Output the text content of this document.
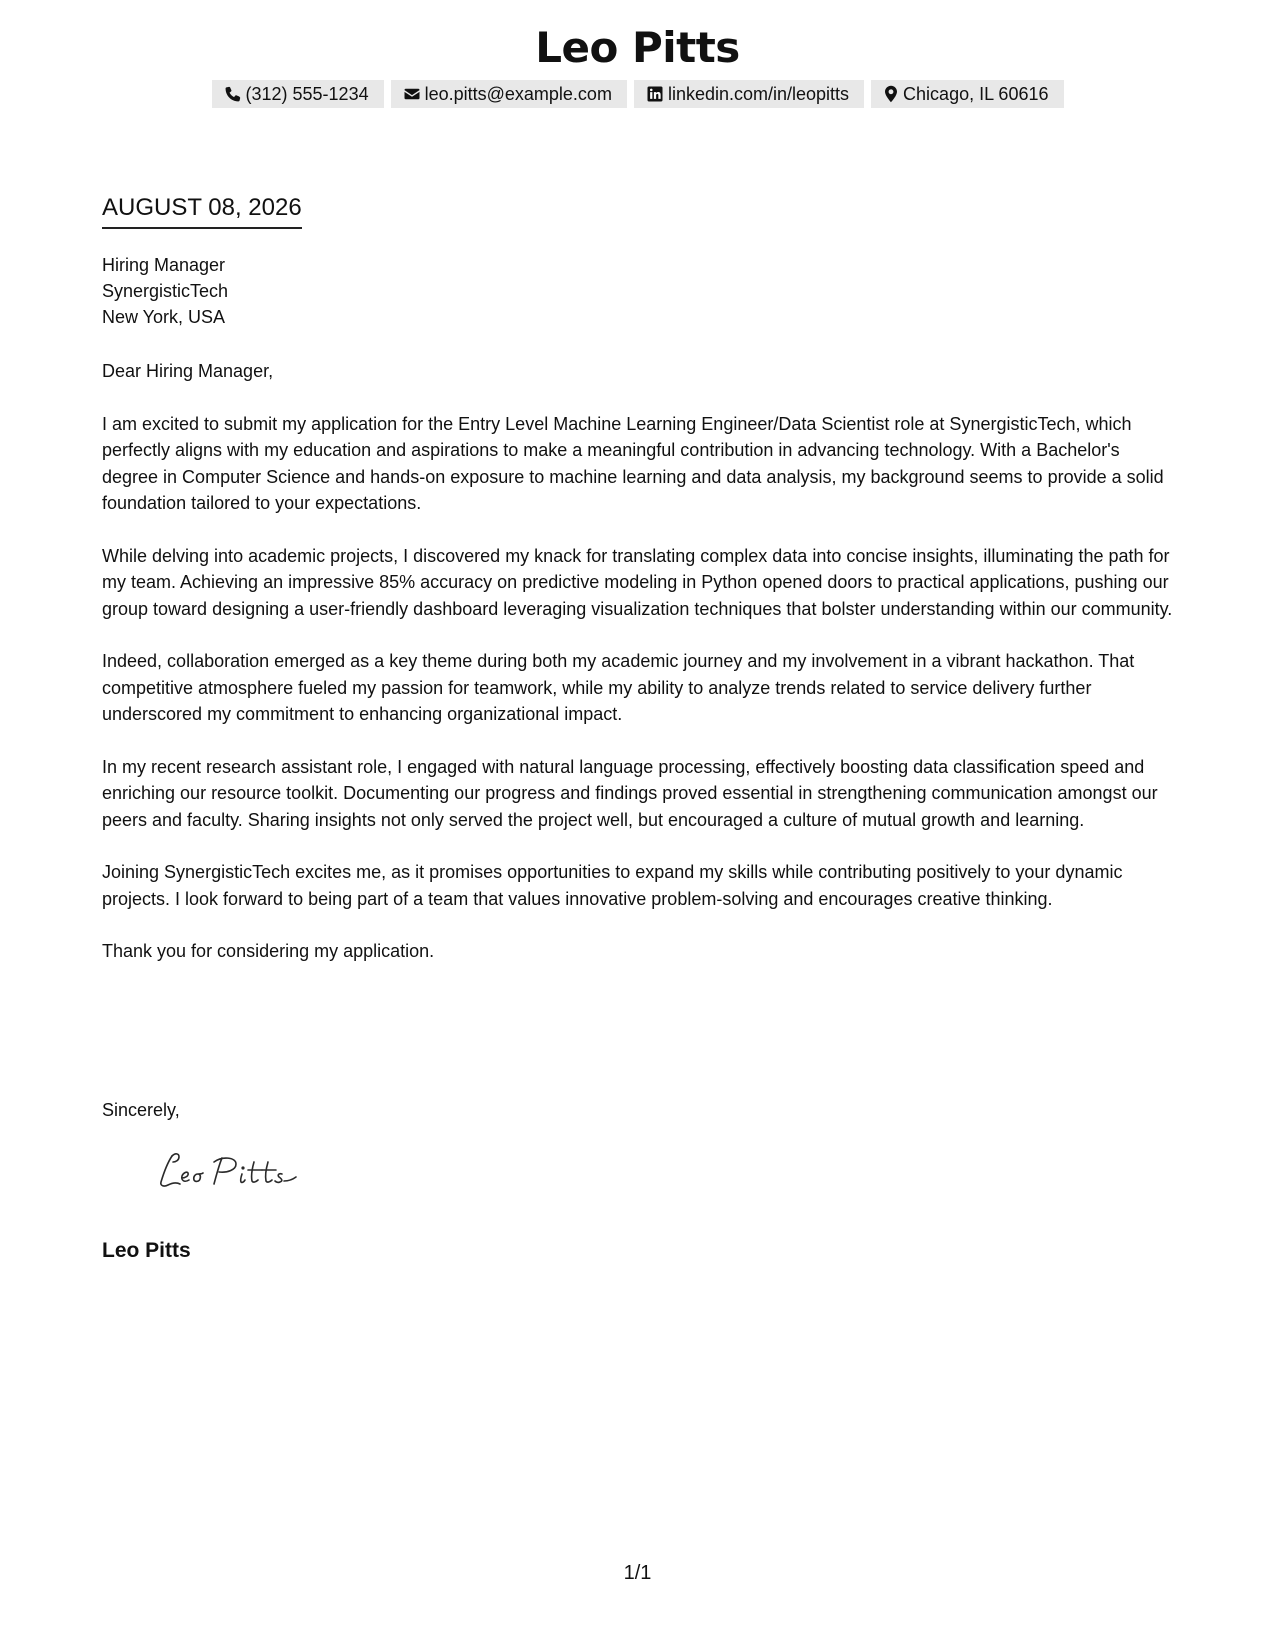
Leo Pitts
(312) 555-1234	leo.pitts@example.com	linkedin.com/in/leopitts	Chicago, IL 60616
AUGUST 08, 2026
Hiring Manager
SynergisticTech
New York, USA

Dear Hiring Manager,

I am excited to submit my application for the Entry Level Machine Learning Engineer/Data Scientist role at SynergisticTech, which perfectly aligns with my education and aspirations to make a meaningful contribution in advancing technology. With a Bachelor's degree in Computer Science and hands-on exposure to machine learning and data analysis, my background seems to provide a solid foundation tailored to your expectations.

While delving into academic projects, I discovered my knack for translating complex data into concise insights, illuminating the path for my team. Achieving an impressive 85% accuracy on predictive modeling in Python opened doors to practical applications, pushing our group toward designing a user-friendly dashboard leveraging visualization techniques that bolster understanding within our community.

Indeed, collaboration emerged as a key theme during both my academic journey and my involvement in a vibrant hackathon. That competitive atmosphere fueled my passion for teamwork, while my ability to analyze trends related to service delivery further underscored my commitment to enhancing organizational impact.

In my recent research assistant role, I engaged with natural language processing, effectively boosting data classification speed and enriching our resource toolkit. Documenting our progress and findings proved essential in strengthening communication amongst our peers and faculty. Sharing insights not only served the project well, but encouraged a culture of mutual growth and learning.

Joining SynergisticTech excites me, as it promises opportunities to expand my skills while contributing positively to your dynamic projects. I look forward to being part of a team that values innovative problem-solving and encourages creative thinking.

Thank you for considering my application.

Sincerely,
Leo Pitts
1/1
